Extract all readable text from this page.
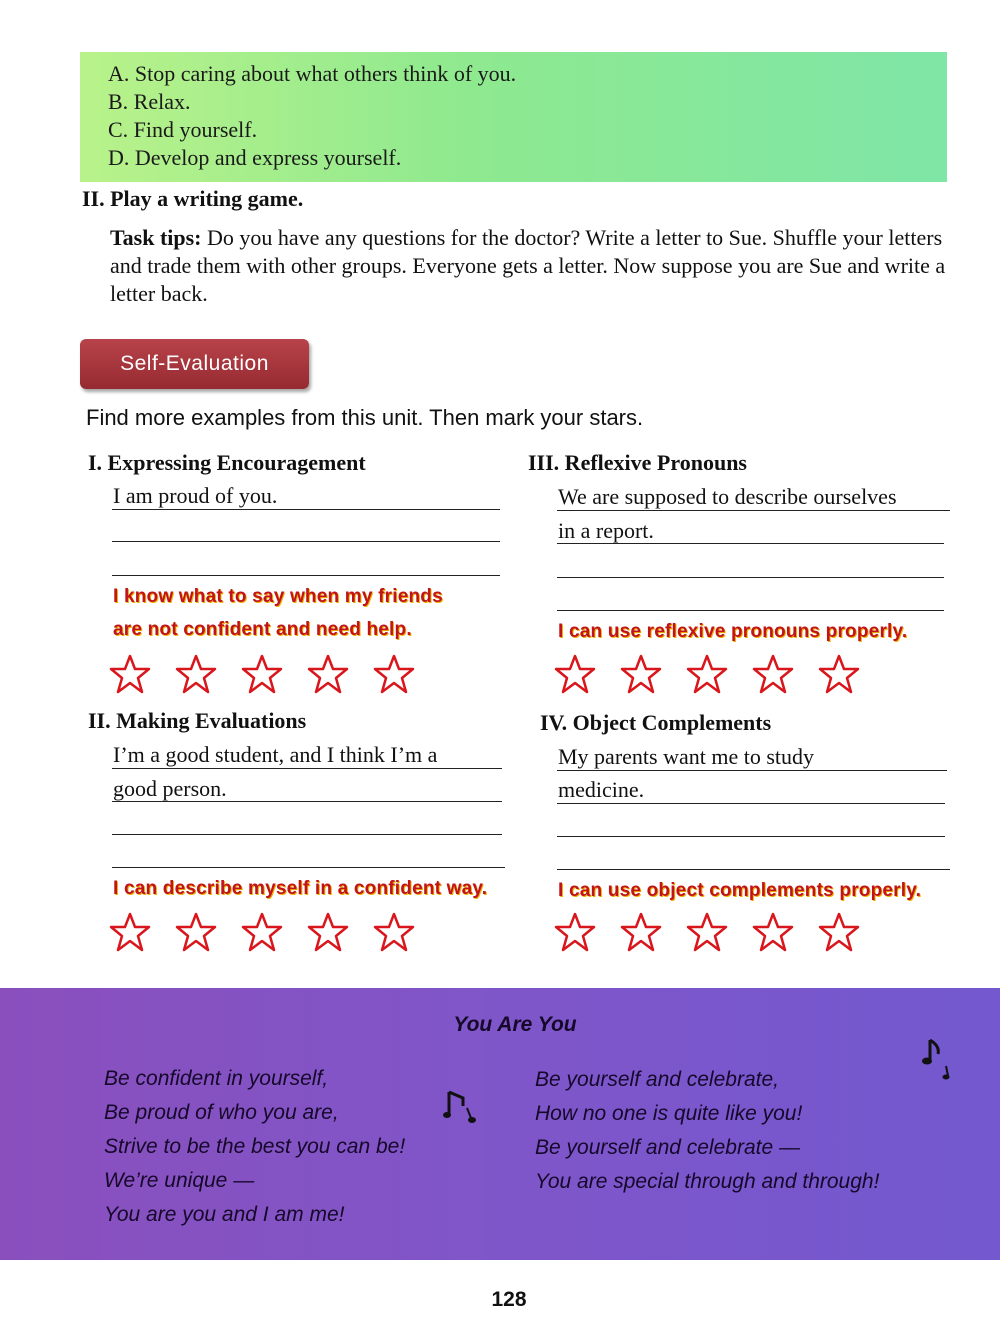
A. Stop caring about what others think of you.
B. Relax.
C. Find yourself.
D. Develop and express yourself.
II. Play a writing game.
Task tips: Do you have any questions for the doctor? Write a letter to Sue. Shuffle your letters and trade them with other groups. Everyone gets a letter. Now suppose you are Sue and write a letter back.
Self-Evaluation
Find more examples from this unit. Then mark your stars.
I. Expressing Encouragement
I am proud of you.
I know what to say when my friends
are not confident and need help.
III. Reflexive Pronouns
We are supposed to describe ourselves
in a report.
I can use reflexive pronouns properly.
II. Making Evaluations
I’m a good student, and I think I’m a
good person.
I can describe myself in a confident way.
IV. Object Complements
My parents want me to study
medicine.
I can use object complements properly.
You Are You
Be confident in yourself,
Be proud of who you are,
Strive to be the best you can be!
We’re unique —
You are you and I am me!
Be yourself and celebrate,
How no one is quite like you!
Be yourself and celebrate —
You are special through and through!
128
